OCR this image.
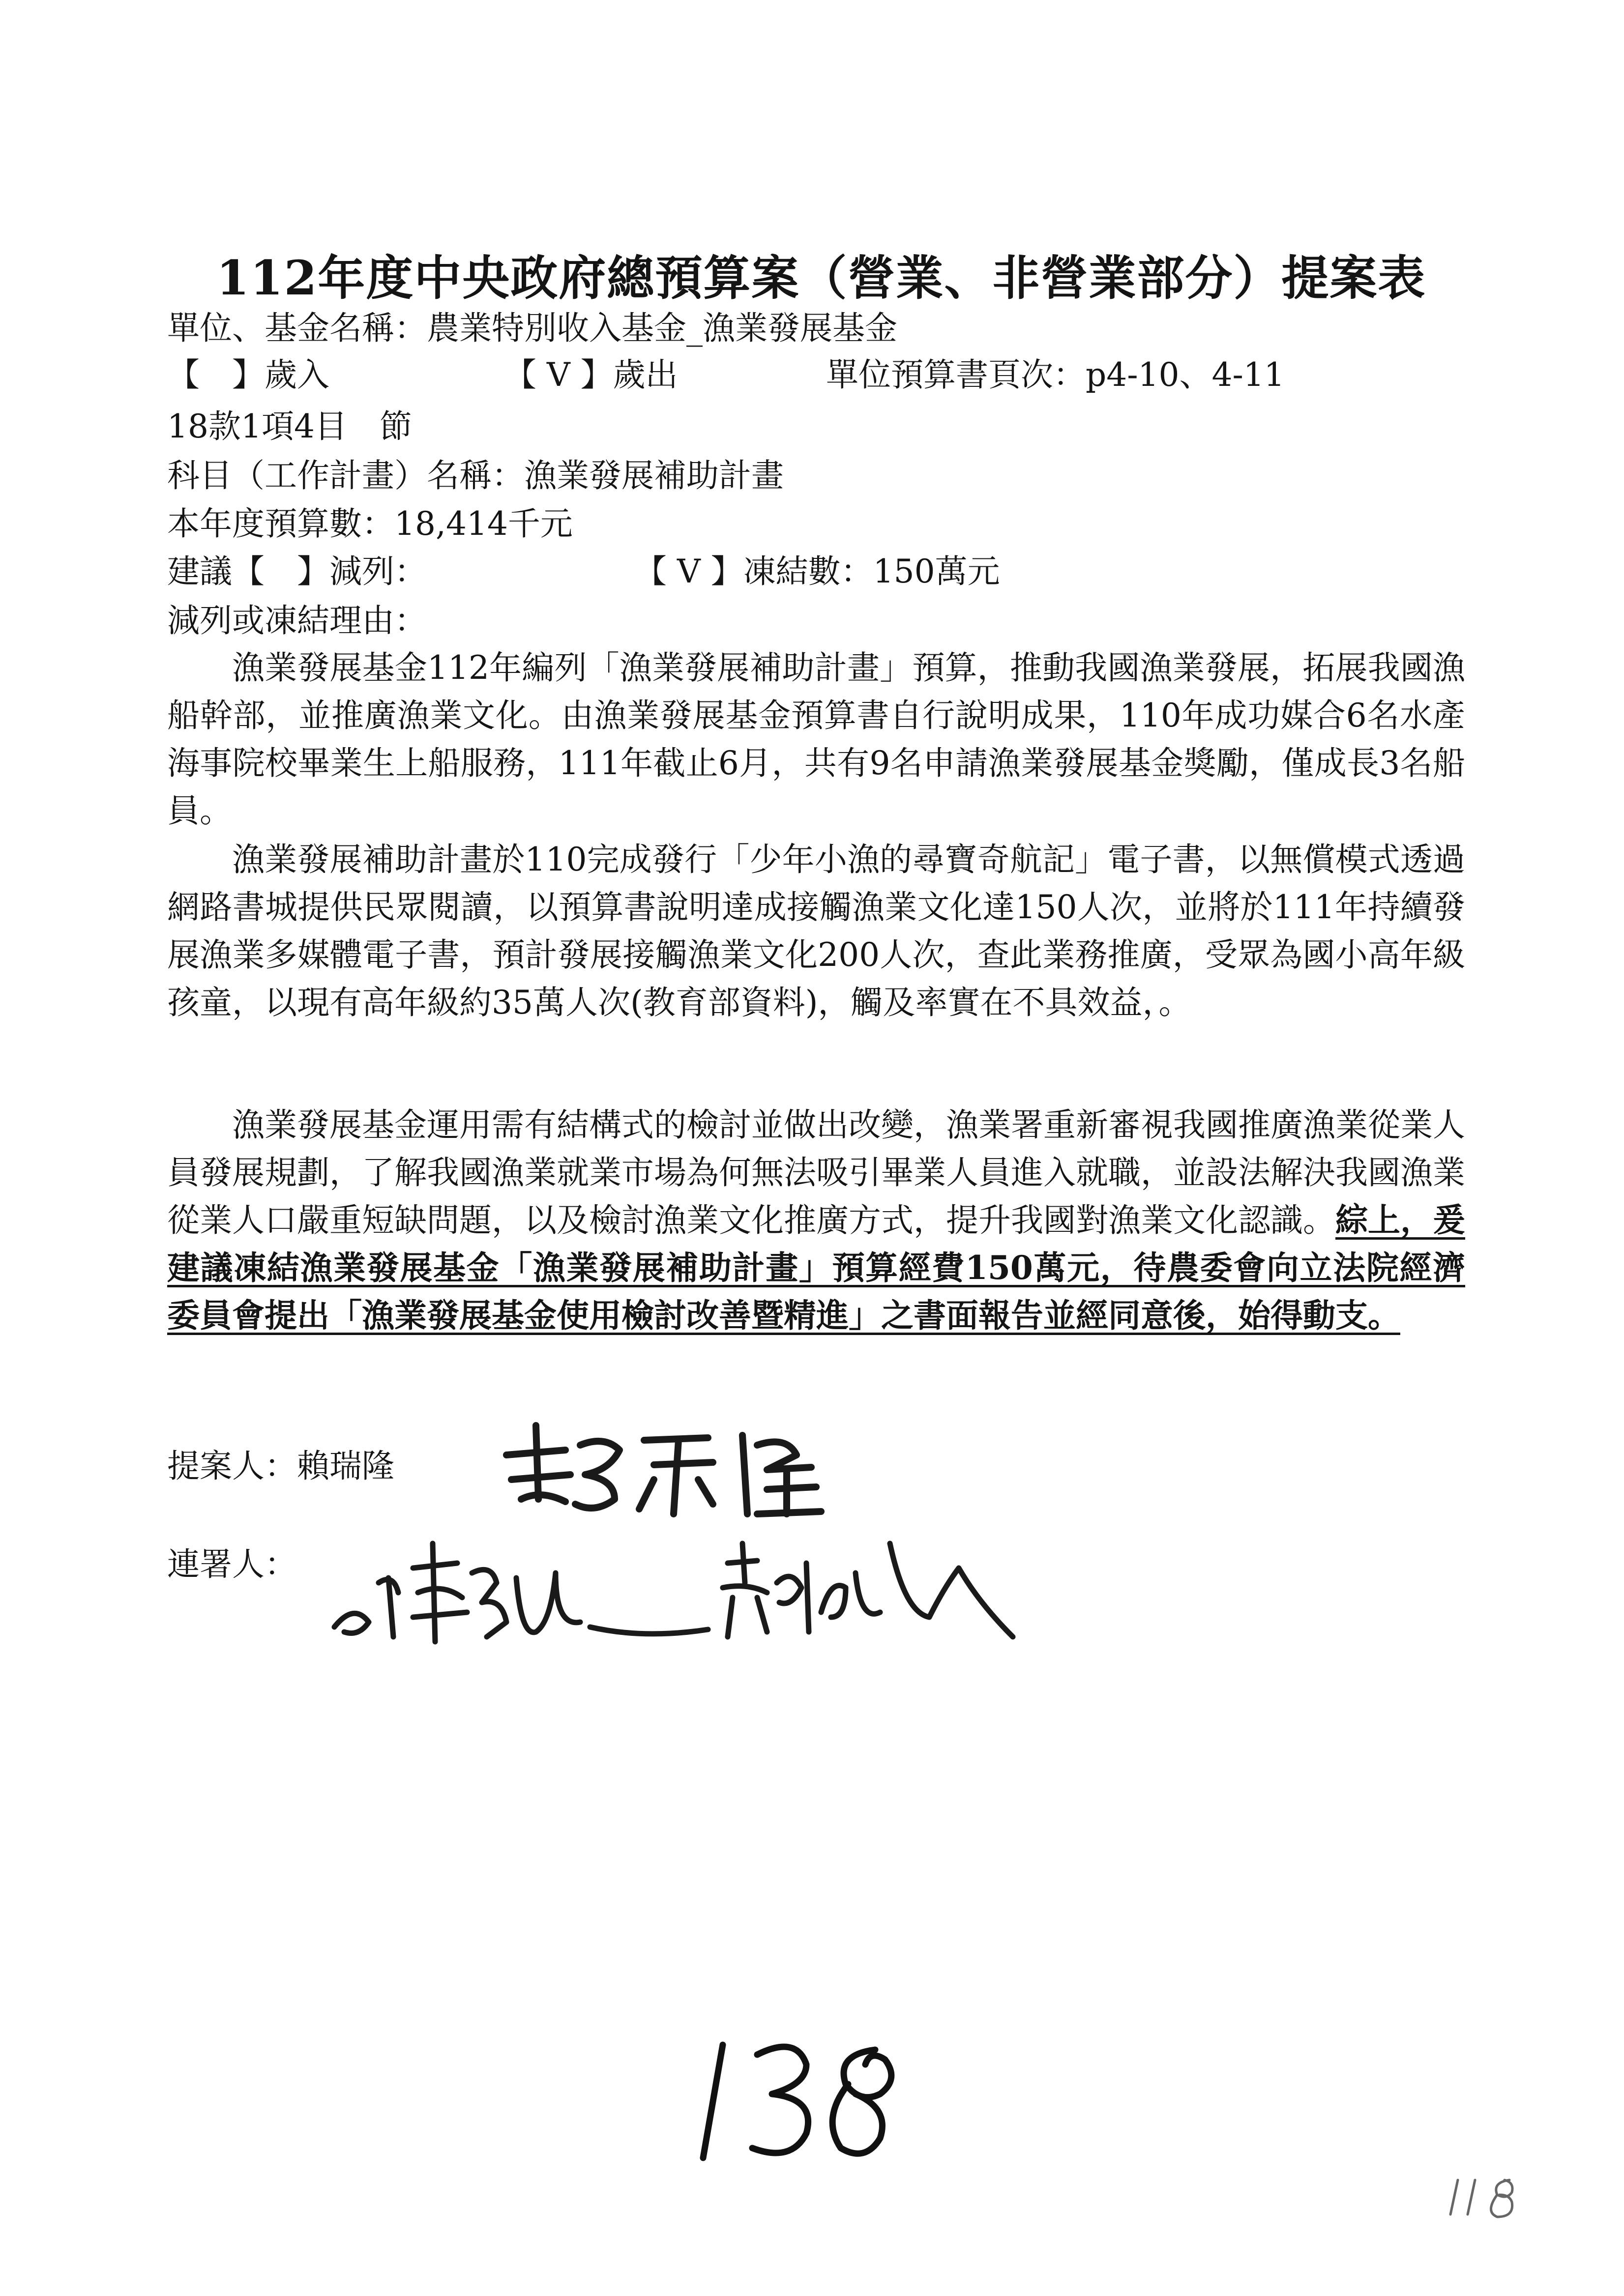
112年度中央政府總預算案（營業、非營業部分）提案表
單位、基金名稱：農業特別收入基金_漁業發展基金
【　】歲入	【 V 】歲出	單位預算書頁次：p4-10、4-11
18款1項4目　節
科目（工作計畫）名稱：漁業發展補助計畫
本年度預算數：18,414千元
建議【　】減列：	【 V 】凍結數：150萬元
減列或凍結理由：

漁業發展基金112年編列「漁業發展補助計畫」預算，推動我國漁業發展，拓展我國漁船幹部，並推廣漁業文化。由漁業發展基金預算書自行說明成果，110年成功媒合6名水產海事院校畢業生上船服務，111年截止6月，共有9名申請漁業發展基金獎勵，僅成長3名船員。

漁業發展補助計畫於110完成發行「少年小漁的尋寶奇航記」電子書，以無償模式透過網路書城提供民眾閱讀，以預算書說明達成接觸漁業文化達150人次，並將於111年持續發展漁業多媒體電子書，預計發展接觸漁業文化200人次，查此業務推廣，受眾為國小高年級孩童，以現有高年級約35萬人次(教育部資料)，觸及率實在不具效益，。

漁業發展基金運用需有結構式的檢討並做出改變，漁業署重新審視我國推廣漁業從業人員發展規劃，了解我國漁業就業市場為何無法吸引畢業人員進入就職，並設法解決我國漁業從業人口嚴重短缺問題，以及檢討漁業文化推廣方式，提升我國對漁業文化認識。綜上，爰建議凍結漁業發展基金「漁業發展補助計畫」預算經費150萬元，待農委會向立法院經濟委員會提出「漁業發展基金使用檢討改善暨精進」之書面報告並經同意後，始得動支。

提案人：賴瑞隆
連署人：
